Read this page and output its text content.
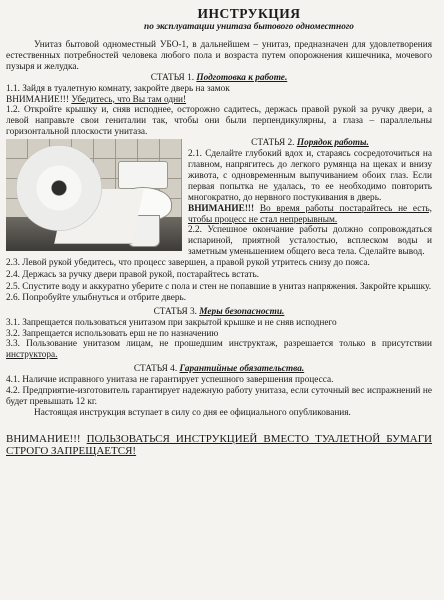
ИНСТРУКЦИЯ
по эксплуатации унитаза бытового одноместного

Унитаз бытовой одноместный УБО-1, в дальнейшем – унитаз, предназначен для удовлетворения естественных потребностей человека любого пола и возраста путем опорожнения кишечника, мочевого пузыря и желудка.

СТАТЬЯ 1. Подготовка к работе.

1.1. Зайдя в туалетную комнату, закройте дверь на замок

ВНИМАНИЕ!!! Убедитесь, что Вы там одни!

1.2. Откройте крышку и, сняв исподнее, осторожно садитесь, держась правой рукой за ручку двери, а левой направьте свои гениталии так, чтобы они были перпендикулярны, а глаза – параллельны горизонтальной плоскости унитаза.

СТАТЬЯ 2. Порядок работы.

2.1. Сделайте глубокий вдох и, стараясь сосредоточиться на главном, напрягитесь до легкого румянца на щеках и внизу живота, с одновременным выпучиванием обоих глаз. Если первая попытка не удалась, то ее необходимо повторить многократно, до нервного постукивания в дверь.

ВНИМАНИЕ!!! Во время работы постарайтесь не есть, чтобы процесс не стал непрерывным.

2.2. Успешное окончание работы должно сопровождаться испариной, приятной усталостью, всплеском воды и заметным уменьшением общего веса тела. Сделайте вывод.

2.3. Левой рукой убедитесь, что процесс завершен, а правой рукой утритесь снизу до пояса.

2.4. Держась за ручку двери правой рукой, постарайтесь встать.

2.5. Спустите воду и аккуратно уберите с пола и стен не попавшие в унитаз напряжения. Закройте крышку.

2.6. Попробуйте улыбнуться и отбрите дверь.

СТАТЬЯ 3. Меры безопасности.

3.1. Запрещается пользоваться унитазом при закрытой крышке и не сняв исподнего

3.2. Запрещается использовать ерш не по назначению

3.3. Пользование унитазом лицам, не прошедшим инструктаж, разрешается только в присутствии инструктора.

СТАТЬЯ 4. Гарантийные обязательства.

4.1. Наличие исправного унитаза не гарантирует успешного завершения процесса.

4.2. Предприятие-изготовитель гарантирует надежную работу унитаза, если суточный вес испражнений не будет превышать 12 кг.

Настоящая инструкция вступает в силу со дня ее официального опубликования.

ВНИМАНИЕ!!! ПОЛЬЗОВАТЬСЯ ИНСТРУКЦИЕЙ ВМЕСТО ТУАЛЕТНОЙ БУМАГИ СТРОГО ЗАПРЕЩАЕТСЯ!
